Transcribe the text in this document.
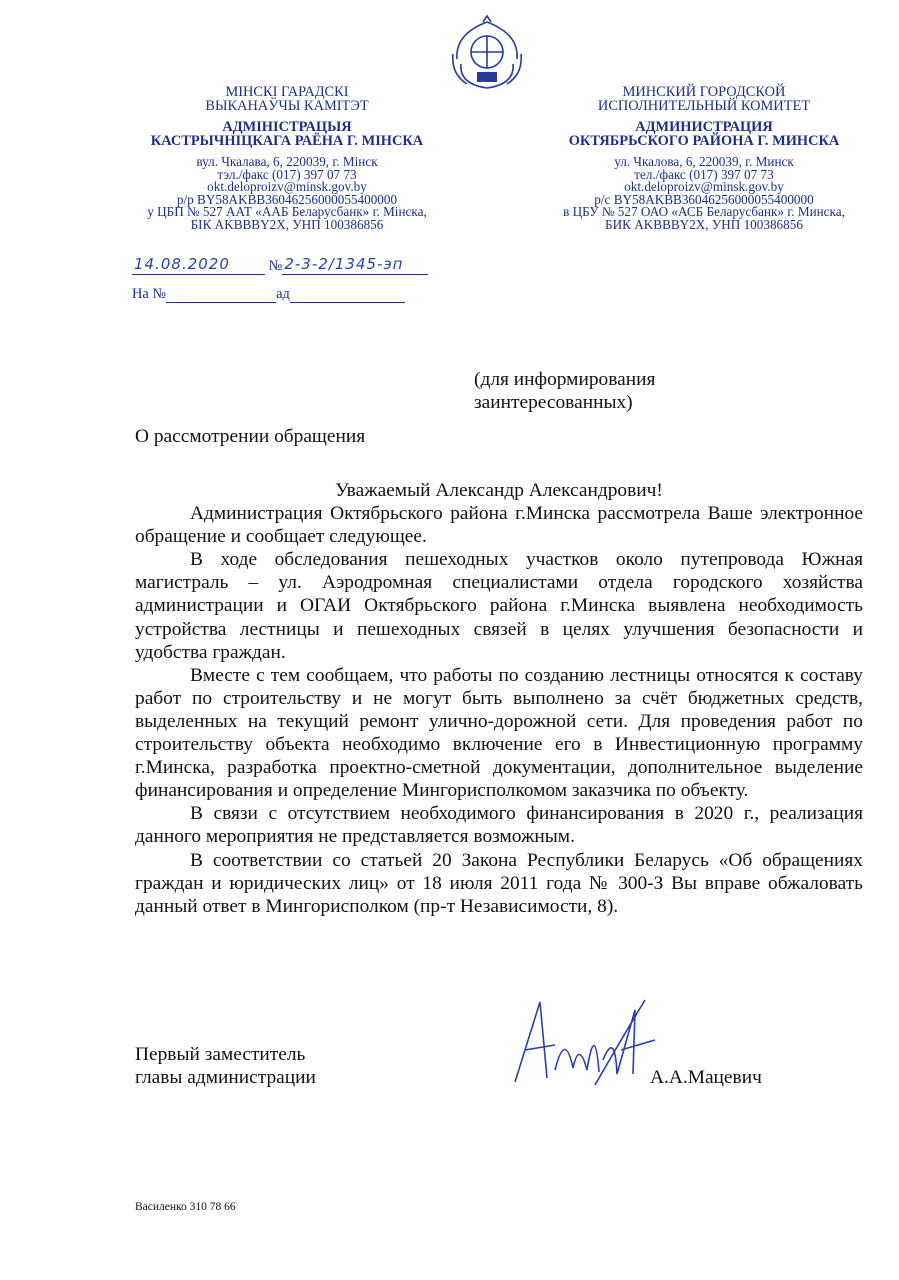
МІНСКІ ГАРАДСКІ
ВЫКАНАЎЧЫ КАМІТЭТ
АДМІНІСТРАЦЫЯ
КАСТРЫЧНІЦКАГА РАЁНА Г. МІНСКА
вул. Чкалава, 6, 220039, г. Мінск
тэл./факс (017) 397 07 73
okt.deloproizv@minsk.gov.by
р/р BY58AKBB36046256000055400000
у ЦБП № 527 ААТ «ААБ Беларусбанк» г. Мінска,
БІК AKBBBY2X, УНП 100386856
МИНСКИЙ ГОРОДСКОЙ
ИСПОЛНИТЕЛЬНЫЙ КОМИТЕТ
АДМИНИСТРАЦИЯ
ОКТЯБРЬСКОГО РАЙОНА Г. МИНСКА
ул. Чкалова, 6, 220039, г. Минск
тел./факс (017) 397 07 73
okt.deloproizv@minsk.gov.by
р/с BY58AKBB36046256000055400000
в ЦБУ № 527 ОАО «АСБ Беларусбанк» г. Минска,
БИК AKBBBY2X, УНП 100386856
14.08.2020	№ 2-3-2/1345-эп
На №	ад
(для информирования
заинтересованных)
О рассмотрении обращения

Уважаемый Александр Александрович!

Администрация Октябрьского района г.Минска рассмотрела Ваше электронное обращение и сообщает следующее.

В ходе обследования пешеходных участков около путепровода Южная магистраль – ул. Аэродромная специалистами отдела городского хозяйства администрации и ОГАИ Октябрьского района г.Минска выявлена необходимость устройства лестницы и пешеходных связей в целях улучшения безопасности и удобства граждан.

Вместе с тем сообщаем, что работы по созданию лестницы относятся к составу работ по строительству и не могут быть выполнено за счёт бюджетных средств, выделенных на текущий ремонт улично-дорожной сети. Для проведения работ по строительству объекта необходимо включение его в Инвестиционную программу г.Минска, разработка проектно-сметной документации, дополнительное выделение финансирования и определение Мингорисполкомом заказчика по объекту.

В связи с отсутствием необходимого финансирования в 2020 г., реализация данного мероприятия не представляется возможным.

В соответствии со статьей 20 Закона Республики Беларусь «Об обращениях граждан и юридических лиц» от 18 июля 2011 года № 300-З Вы вправе обжаловать данный ответ в Мингорисполком (пр-т Независимости, 8).

Первый заместитель
главы администрации	А.А.Мацевич
Василенко 310 78 66
